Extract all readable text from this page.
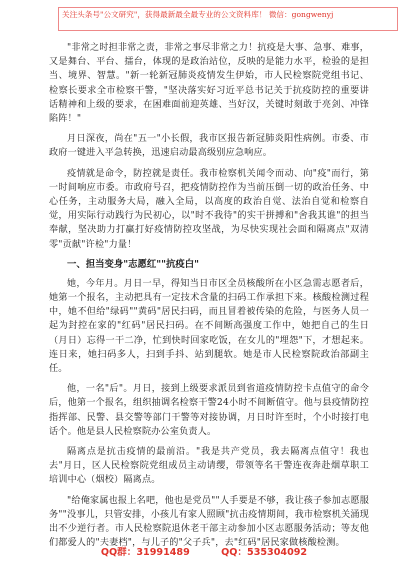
关注头条号"公文研究"，获得最新最全最专业的公文资料库！ 微信：gongwenyj

"非常之时担非常之责，非常之事尽非常之力！抗疫是大事、急事、难事，又是舞台、平台、擂台，体现的是政治站位，反映的是能力水平，检验的是担当、境界、智慧。"新一轮新冠肺炎疫情发生伊始，市人民检察院党组书记、检察长要求全市检察干警，"坚决落实好习近平总书记关于抗疫防控的重要讲话精神和上级的要求，在困难面前迎英雄、当好汉，关键时刻敢于亮剑、冲锋陷阵！"

月日深夜，尚在"五一"小长假，我市区报告新冠肺炎阳性病例。市委、市政府一键进入平急转换，迅速启动最高级别应急响应。

疫情就是命令，防控就是责任。我市检察机关闻令而动、向"疫"而行，第一时间响应市委。市政府号召，把疫情防控作为当前压倒一切的政治任务、中心任务，主动服务大局，融入全局，以高度的政治自觉、法治自觉和检察自觉，用实际行动践行为民初心，以"时不我待"的实干拼搏和"舍我其谁"的担当奉献，坚决助力打赢打好疫情防控攻坚战，为尽快实现社会面和隔离点"双清零"贡献"许检"力量！

一、担当变身"志愿红""抗疫白"

她，今年月。月日一早，得知当日市区全员核酸所在小区急需志愿者后，她第一个报名，主动把具有一定技术含量的扫码工作承担下来。核酸检测过程中，她不但给"绿码""黄码"居民扫码，而且冒着被传染的危险，与医务人员一起为封控在家的"红码"居民扫码。在不间断高强度工作中，她把自己的生日（月日）忘得一干二净，忙到快时回家吃饭，在女儿的"埋怨"下，才想起来。连日来，她扫码多人，扫到手抖、站到腿软。她是市人民检察院政治部副主任。

他，一名"后"。月日，接到上级要求派员到省道疫情防控卡点值守的命令后，他第一个报名，组织抽调名检察干警24小时不间断值守。他与县疫情防控指挥部、民警、县交警等部门干警等对接协调，月日时许至时，个小时接打电话个。他是县人民检察院办公室负责人。

隔离点是抗击疫情的最前沿。"我是共产党员，我去隔离点值守！我也去"月日，区人民检察院党组成员主动请缨，带领等名干警连夜奔赴烟草职工培训中心（烟校）隔离点。

"给俺家属也报上名吧，他也是党员""人手要是不够，我让孩子参加志愿服务""没事儿，只管安排，小孩儿有家人照顾"抗击疫情期间，我市检察机关涌现出不少逆行者。市人民检察院退休老干部主动参加小区志愿服务活动；等友他们都爱人的"夫妻档"，与儿子的"父子兵"，去"红码"居民家做核酸检测。

QQ群：31991489	QQ：535304092
